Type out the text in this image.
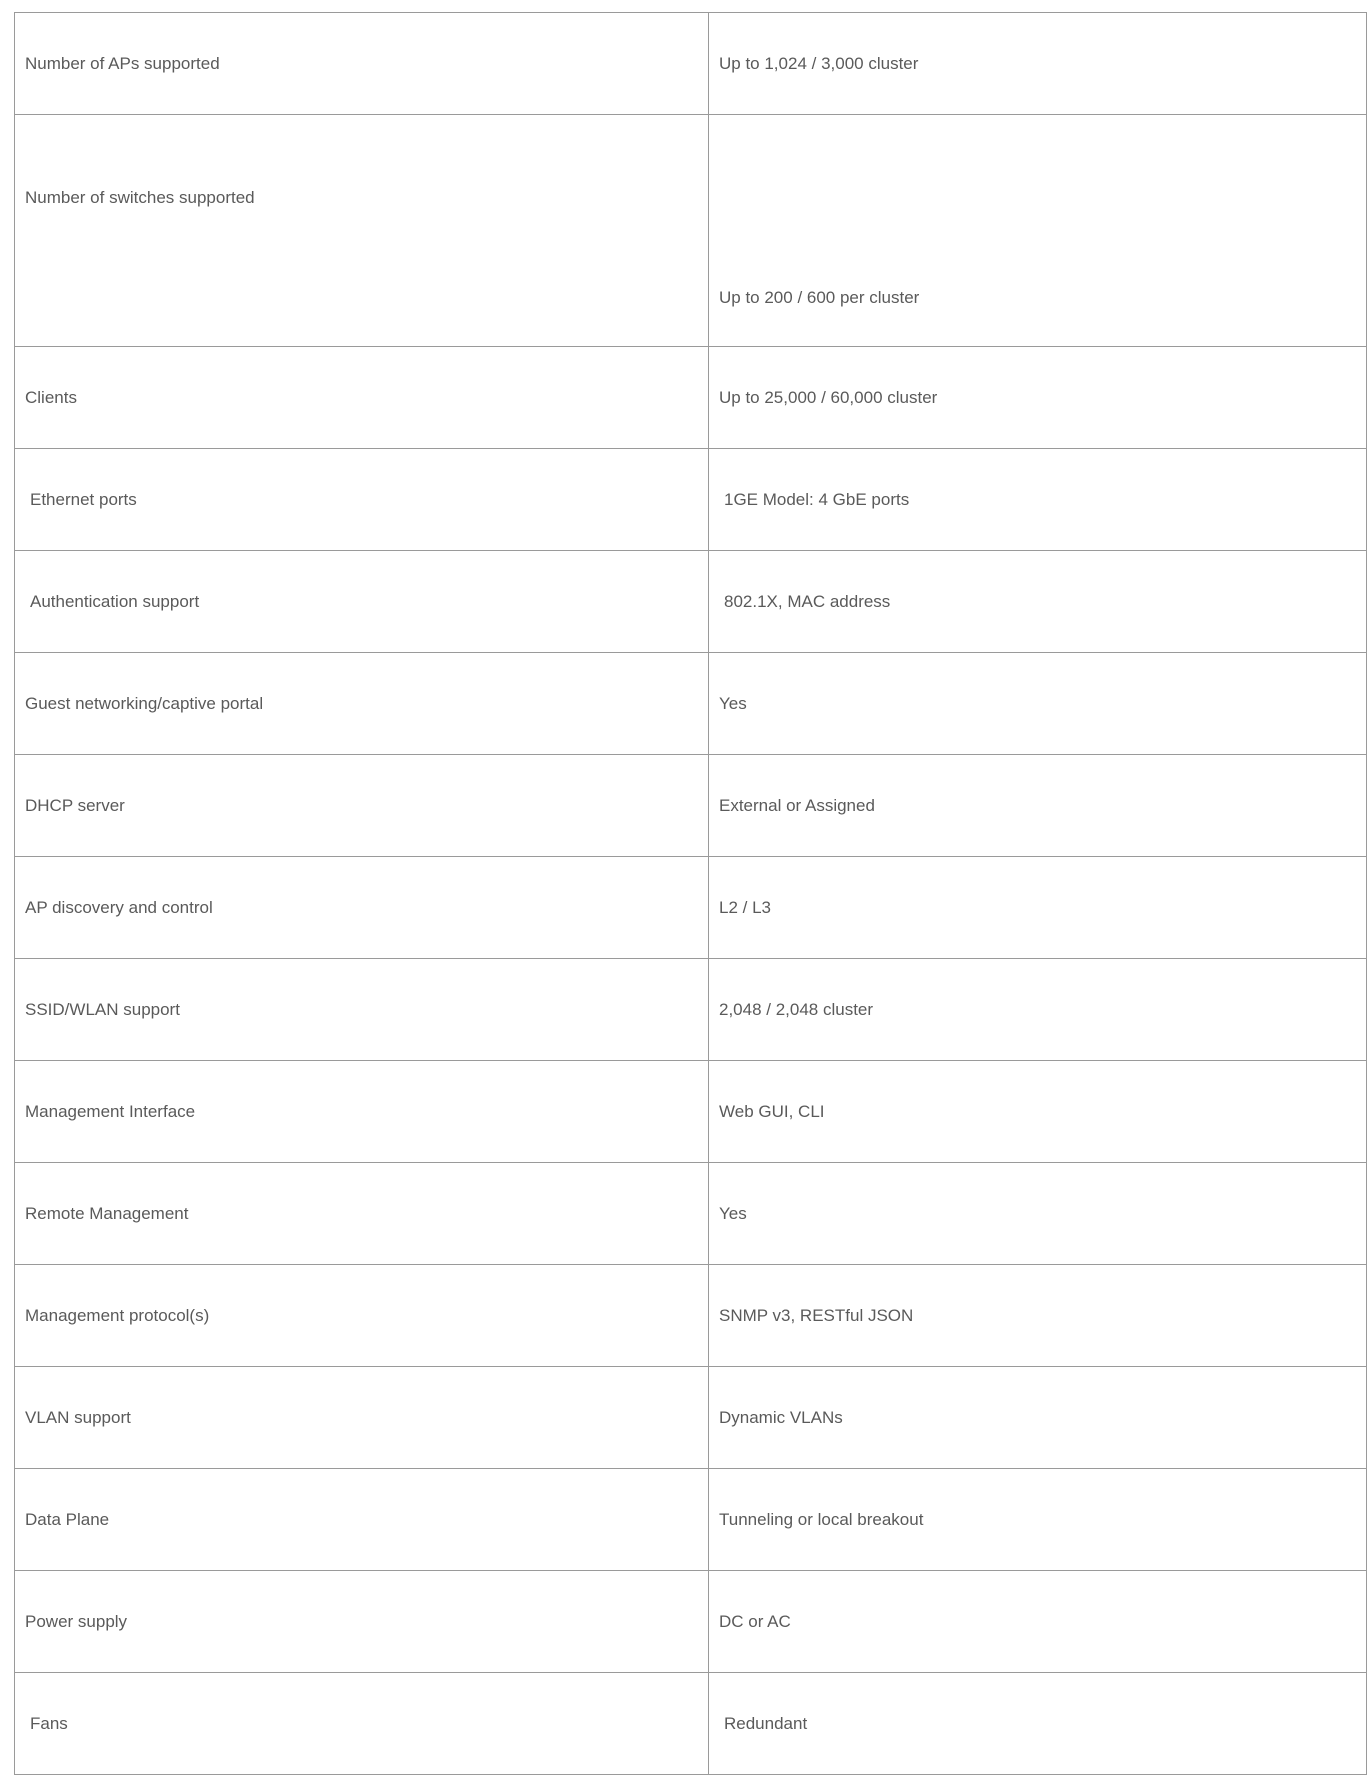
Number of APs supported	Up to 1,024 / 3,000 cluster
Number of switches supported	Up to 200 / 600 per cluster
Clients	Up to 25,000 / 60,000 cluster
Ethernet ports	1GE Model: 4 GbE ports
Authentication support	802.1X, MAC address
Guest networking/captive portal	Yes
DHCP server	External or Assigned
AP discovery and control	L2 / L3
SSID/WLAN support	2,048 / 2,048 cluster
Management Interface	Web GUI, CLI
Remote Management	Yes
Management protocol(s)	SNMP v3, RESTful JSON
VLAN support	Dynamic VLANs
Data Plane	Tunneling or local breakout
Power supply	DC or AC
Fans	Redundant
